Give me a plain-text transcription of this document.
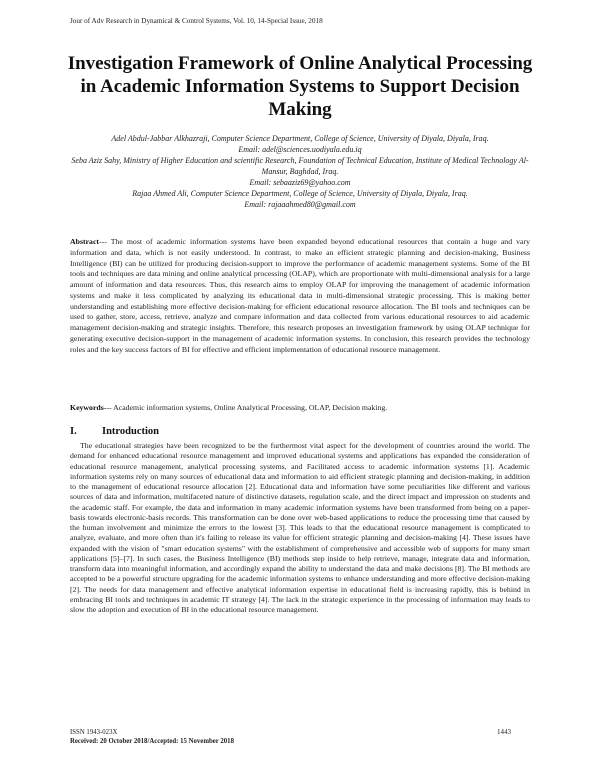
Jour of Adv Research in Dynamical & Control Systems, Vol. 10, 14-Special Issue, 2018
Investigation Framework of Online Analytical Processing in Academic Information Systems to Support Decision Making
Adel Abdul-Jabbar Alkhazraji, Computer Science Department, College of Science, University of Diyala, Diyala, Iraq.
Email: adel@sciences.uodiyala.edu.iq
Seba Aziz Sahy, Ministry of Higher Education and scientific Research, Foundation of Technical Education, Institute of Medical Technology Al-Mansur, Baghdad, Iraq.
Email: sebaaziz69@yahoo.com
Rajaa Ahmed Ali, Computer Science Department, College of Science, University of Diyala, Diyala, Iraq.
Email: rajaaahmed80@gmail.com
Abstract--- The most of academic information systems have been expanded beyond educational resources that contain a huge and vary information and data, which is not easily understood. In contrast, to make an efficient strategic planning and decision-making, Business Intelligence (BI) can be utilized for producing decision-support to improve the performance of academic management systems. Some of the BI tools and techniques are data mining and online analytical processing (OLAP), which are proportionate with multi-dimensional analysis for a large amount of information and data resources. Thus, this research aims to employ OLAP for improving the management of academic information systems and make it less complicated by analyzing its educational data in multi-dimensional strategic processing. This is making better understanding and establishing more effective decision-making for efficient educational resource allocation. The BI tools and techniques can be used to gather, store, access, retrieve, analyze and compare information and data collected from various educational resources to aid academic management decision-making and strategic insights. Therefore, this research proposes an investigation framework by using OLAP technique for generating executive decision-support in the management of academic information systems. In conclusion, this research provides the technology roles and the key success factors of BI for effective and efficient implementation of educational resource management.
Keywords--- Academic information systems, Online Analytical Processing, OLAP, Decision making.
I. Introduction
The educational strategies have been recognized to be the furthermost vital aspect for the development of countries around the world. The demand for enhanced educational resource management and improved educational systems and applications has expanded the consideration of educational resource management, analytical processing systems, and Facilitated access to academic information systems [1]. Academic information systems rely on many sources of educational data and information to aid efficient strategic planning and decision-making, in addition to the management of educational resource allocation [2]. Educational data and information have some peculiarities like different and various sources of data and information, multifaceted nature of distinctive datasets, regulation scale, and the direct impact and impression on students and the academic staff. For example, the data and information in many academic information systems have been transformed from being on a paper-basis towards electronic-basis records. This transformation can be done over web-based applications to reduce the processing time that caused by the human involvement and minimize the errors to the lowest [3]. This leads to that the educational resource management is complicated to analyze, evaluate, and more often than it's failing to release its value for efficient strategic planning and decision-making [4]. These issues have expanded with the vision of "smart education systems" with the establishment of comprehensive and accessible web of supports for many smart applications [5]–[7]. In such cases, the Business Intelligence (BI) methods step inside to help retrieve, manage, integrate data and information, transform data into meaningful information, and accordingly expand the ability to understand the data and make decisions [8]. The BI methods are accepted to be a powerful structure upgrading for the academic information systems to enhance understanding and more effective decision-making [2]. The needs for data management and effective analytical information expertise in educational field is increasing rapidly, this is behind in embracing BI tools and techniques in academic IT strategy [4]. The lack in the strategic experience in the processing of information may leads to slow the adoption and execution of BI in the educational resource management.
ISSN 1943-023X
Received: 20 October 2018/Accepted: 15 November 2018
1443
